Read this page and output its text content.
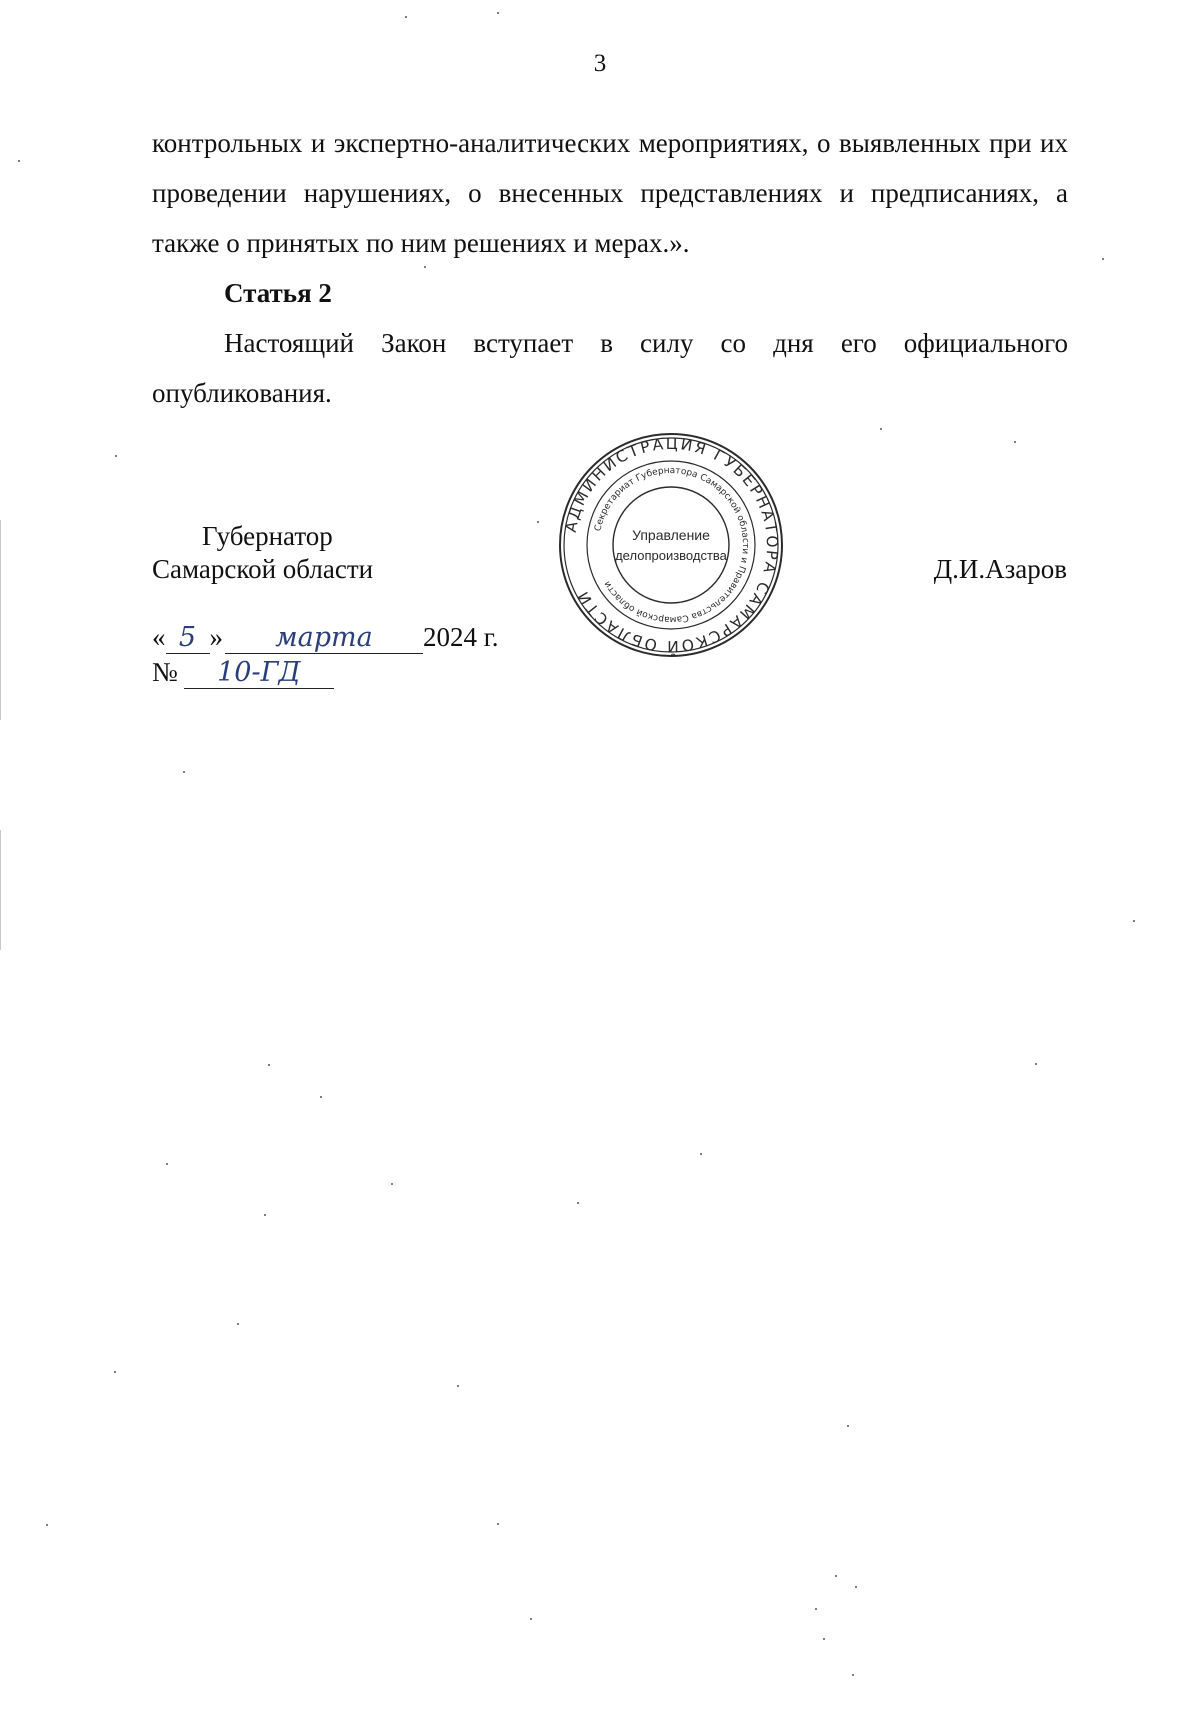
3

контрольных и экспертно-аналитических мероприятиях, о выявленных при их проведении нарушениях, о внесенных представлениях и предписаниях, а также о принятых по ним решениях и мерах.».

Статья 2

Настоящий Закон вступает в силу со дня его официального опубликования.

Губернатор
Самарской области	Д.И.Азаров
АДМИНИСТРАЦИЯ ГУБЕРНАТОРА САМАРСКОЙ ОБЛАСТИ
Секретариат Губернатора Самарской области и Правительства Самарской области
Управление
делопроизводства
« 5 » марта 2024 г.
№ 10-ГД
